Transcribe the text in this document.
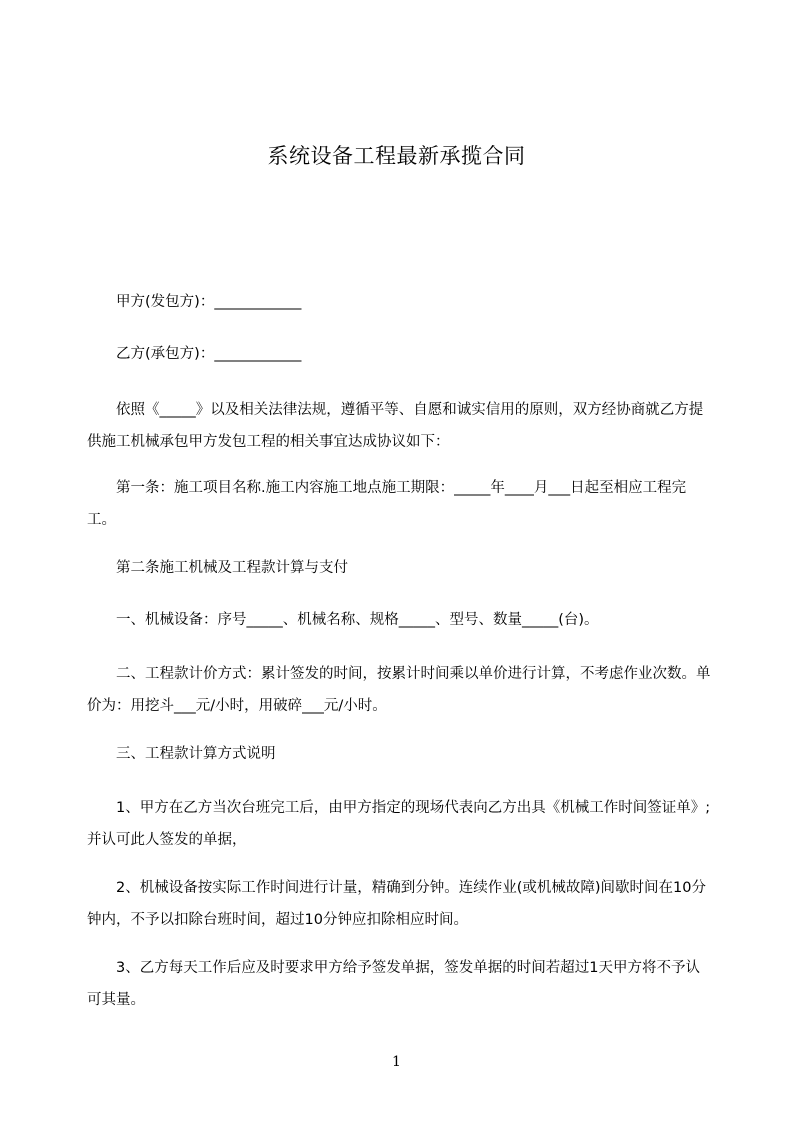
系统设备工程最新承揽合同

　　甲方(发包方)：____________

　　乙方(承包方)：____________

　　依照《_____》以及相关法律法规，遵循平等、自愿和诚实信用的原则，双方经协商就乙方提供施工机械承包甲方发包工程的相关事宜达成协议如下：

　　第一条：施工项目名称.施工内容施工地点施工期限：_____年____月___日起至相应工程完工。

　　第二条施工机械及工程款计算与支付

　　一、机械设备：序号_____、机械名称、规格_____、型号、数量_____(台)。

　　二、工程款计价方式：累计签发的时间，按累计时间乘以单价进行计算，不考虑作业次数。单价为：用挖斗___元/小时，用破碎___元/小时。

　　三、工程款计算方式说明

　　1、甲方在乙方当次台班完工后，由甲方指定的现场代表向乙方出具《机械工作时间签证单》;并认可此人签发的单据，

　　2、机械设备按实际工作时间进行计量，精确到分钟。连续作业(或机械故障)间歇时间在10分钟内，不予以扣除台班时间，超过10分钟应扣除相应时间。

　　3、乙方每天工作后应及时要求甲方给予签发单据，签发单据的时间若超过1天甲方将不予认可其量。

1
